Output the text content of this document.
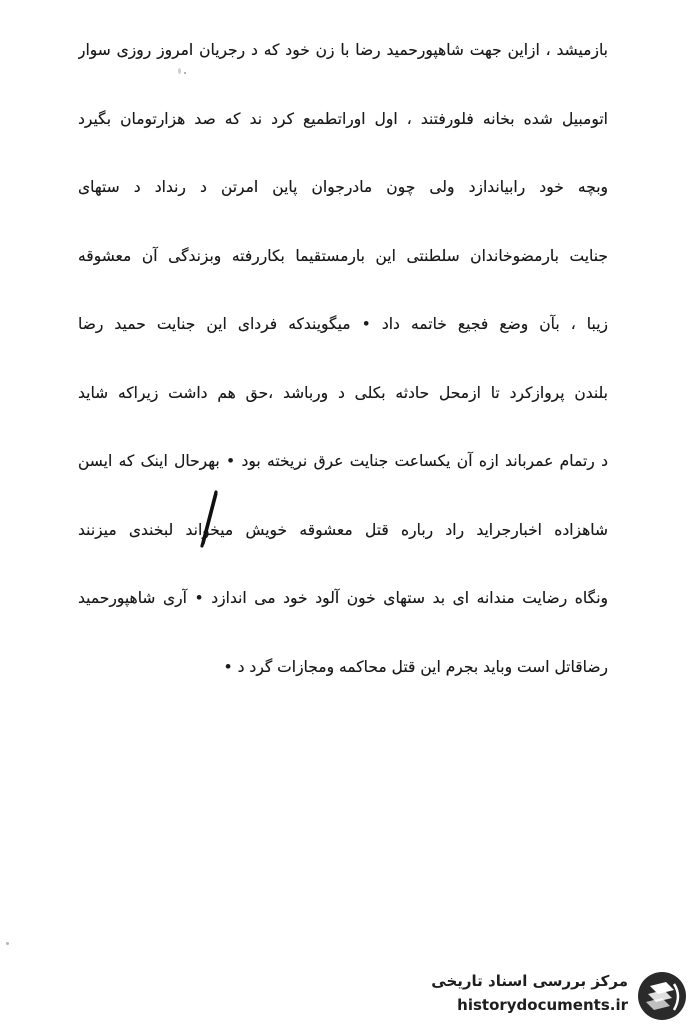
بازمیشد ، ازاین جهت شاهپورحمید رضا با زن خود که د رجریان امروز روزی سوار
اتومبیل شده بخانه فلورفتند ، اول اوراتطمیع کرد ند که صد هزارتومان بگیرد
وبچه خود رابیاندازد ولی چون مادرجوان پاین امرتن د رنداد د ستهای
جنایت بارمضوخاندان سلطنتی این بارمستقیما بکاررفته وبزندگی آن معشوقه
زیبا ، بآن وضع فجیع خاتمه داد • میگویندکه فردای این جنایت حمید رضا
بلندن پروازکرد تا ازمحل حادثه بکلی د ورباشد ،حق هم داشت زیراکه شاید
د رتمام عمرباند ازه آن یکساعت جنایت عرق نریخته بود • بهرحال اینک که ایسن
شاهزاده اخبارجراید راد رباره قتل معشوقه خویش میخواند لبخندی میزنند
ونگاه رضایت مندانه ای بد ستهای خون آلود خود می اندازد • آری شاهپورحمید
رضاقاتل است وباید بجرم این قتل محاکمه ومجازات گرد د •
مرکز بررسی اسناد تاریخی
historydocuments.ir
